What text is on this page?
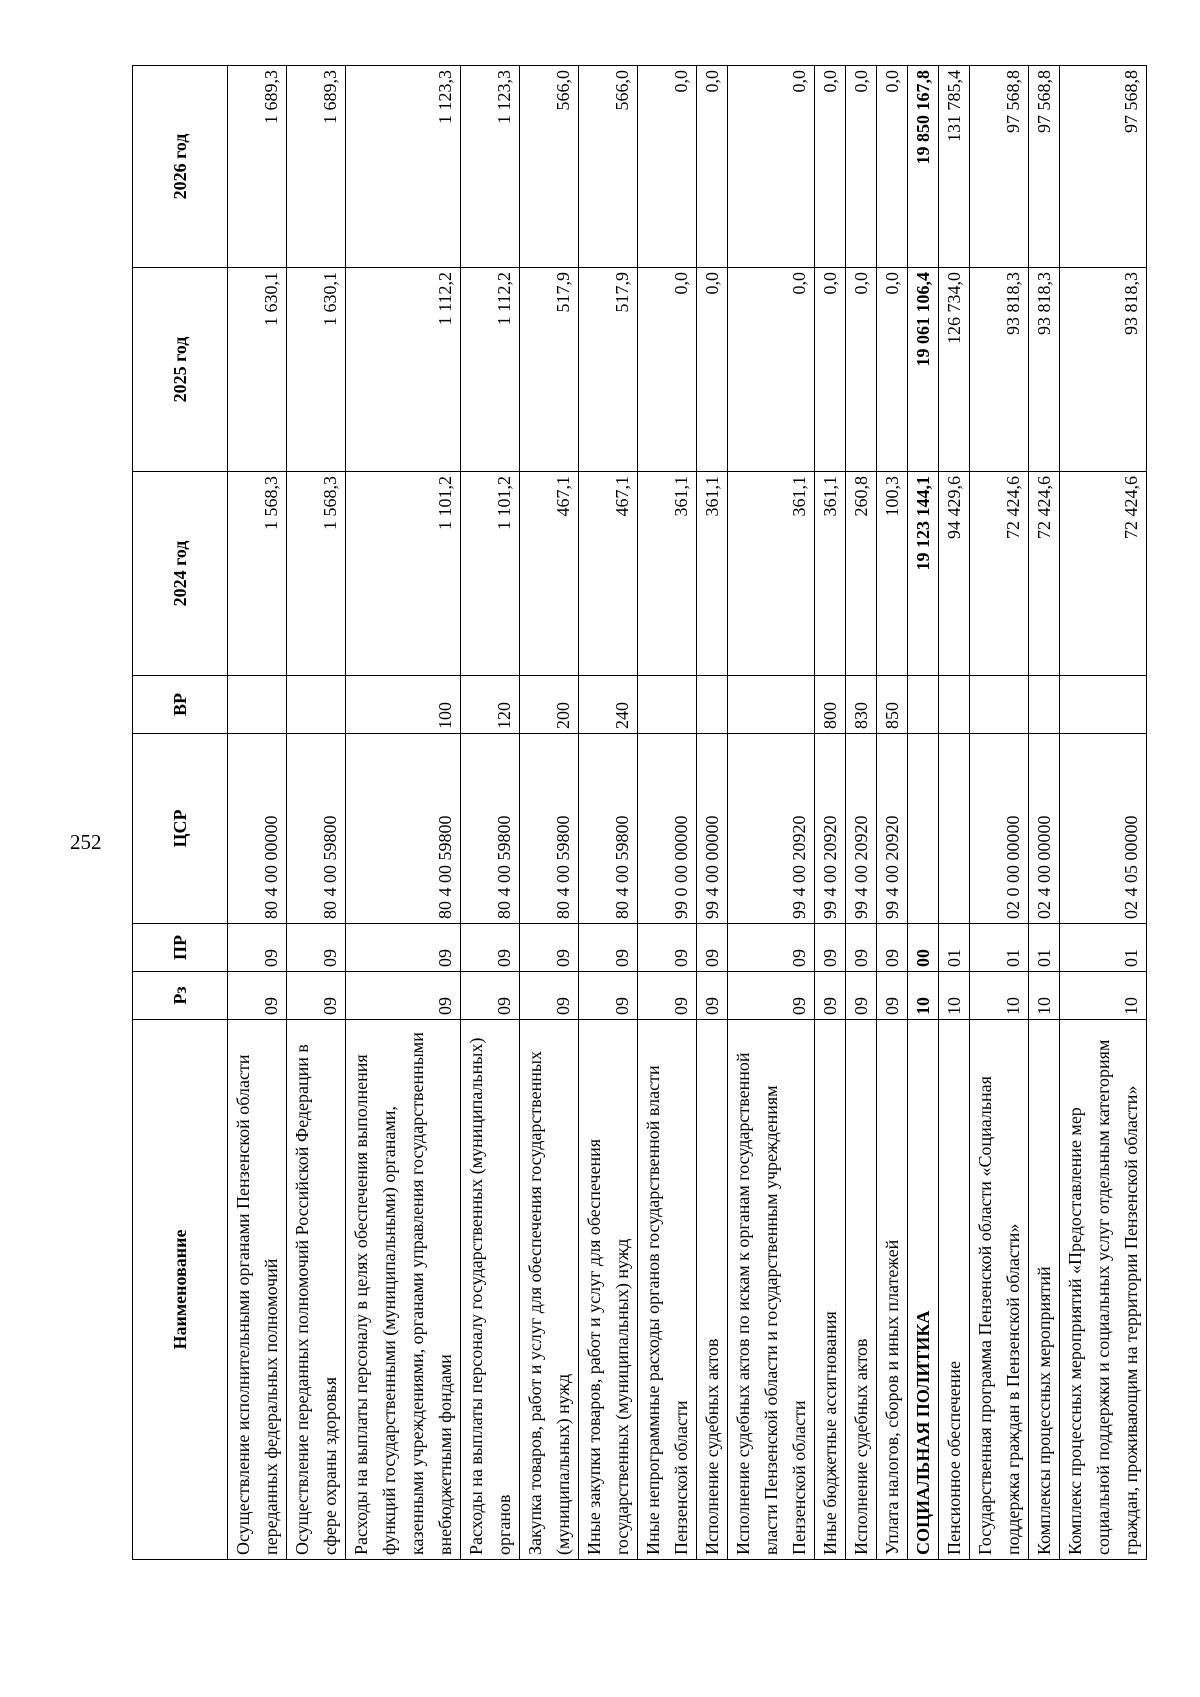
252
Наименование	Рз	ПР	ЦСР	ВР	2024 год	2025 год	2026 год
Осуществление исполнительными органами Пензенской области переданных федеральных полномочий	09	09	80 4 00 00000		1 568,3	1 630,1	1 689,3
Осуществление переданных полномочий Российской Федерации в сфере охраны здоровья	09	09	80 4 00 59800		1 568,3	1 630,1	1 689,3
Расходы на выплаты персоналу в целях обеспечения выполнения функций государственными (муниципальными) органами, казенными учреждениями, органами управления государственными внебюджетными фондами	09	09	80 4 00 59800	100	1 101,2	1 112,2	1 123,3
Расходы на выплаты персоналу государственных (муниципальных) органов	09	09	80 4 00 59800	120	1 101,2	1 112,2	1 123,3
Закупка товаров, работ и услуг для обеспечения государственных (муниципальных) нужд	09	09	80 4 00 59800	200	467,1	517,9	566,0
Иные закупки товаров, работ и услуг для обеспечения государственных (муниципальных) нужд	09	09	80 4 00 59800	240	467,1	517,9	566,0
Иные непрограммные расходы органов государственной власти Пензенской области	09	09	99 0 00 00000		361,1	0,0	0,0
Исполнение судебных актов	09	09	99 4 00 00000		361,1	0,0	0,0
Исполнение судебных актов по искам к органам государственной власти Пензенской области и государственным учреждениям Пензенской области	09	09	99 4 00 20920		361,1	0,0	0,0
Иные бюджетные ассигнования	09	09	99 4 00 20920	800	361,1	0,0	0,0
Исполнение судебных актов	09	09	99 4 00 20920	830	260,8	0,0	0,0
Уплата налогов, сборов и иных платежей	09	09	99 4 00 20920	850	100,3	0,0	0,0
СОЦИАЛЬНАЯ ПОЛИТИКА	10	00			19 123 144,1	19 061 106,4	19 850 167,8
Пенсионное обеспечение	10	01			94 429,6	126 734,0	131 785,4
Государственная программа Пензенской области «Социальная поддержка граждан в Пензенской области»	10	01	02 0 00 00000		72 424,6	93 818,3	97 568,8
Комплексы процессных мероприятий	10	01	02 4 00 00000		72 424,6	93 818,3	97 568,8
Комплекс процессных мероприятий «Предоставление мер социальной поддержки и социальных услуг отдельным категориям граждан, проживающим на территории Пензенской области»	10	01	02 4 05 00000		72 424,6	93 818,3	97 568,8
